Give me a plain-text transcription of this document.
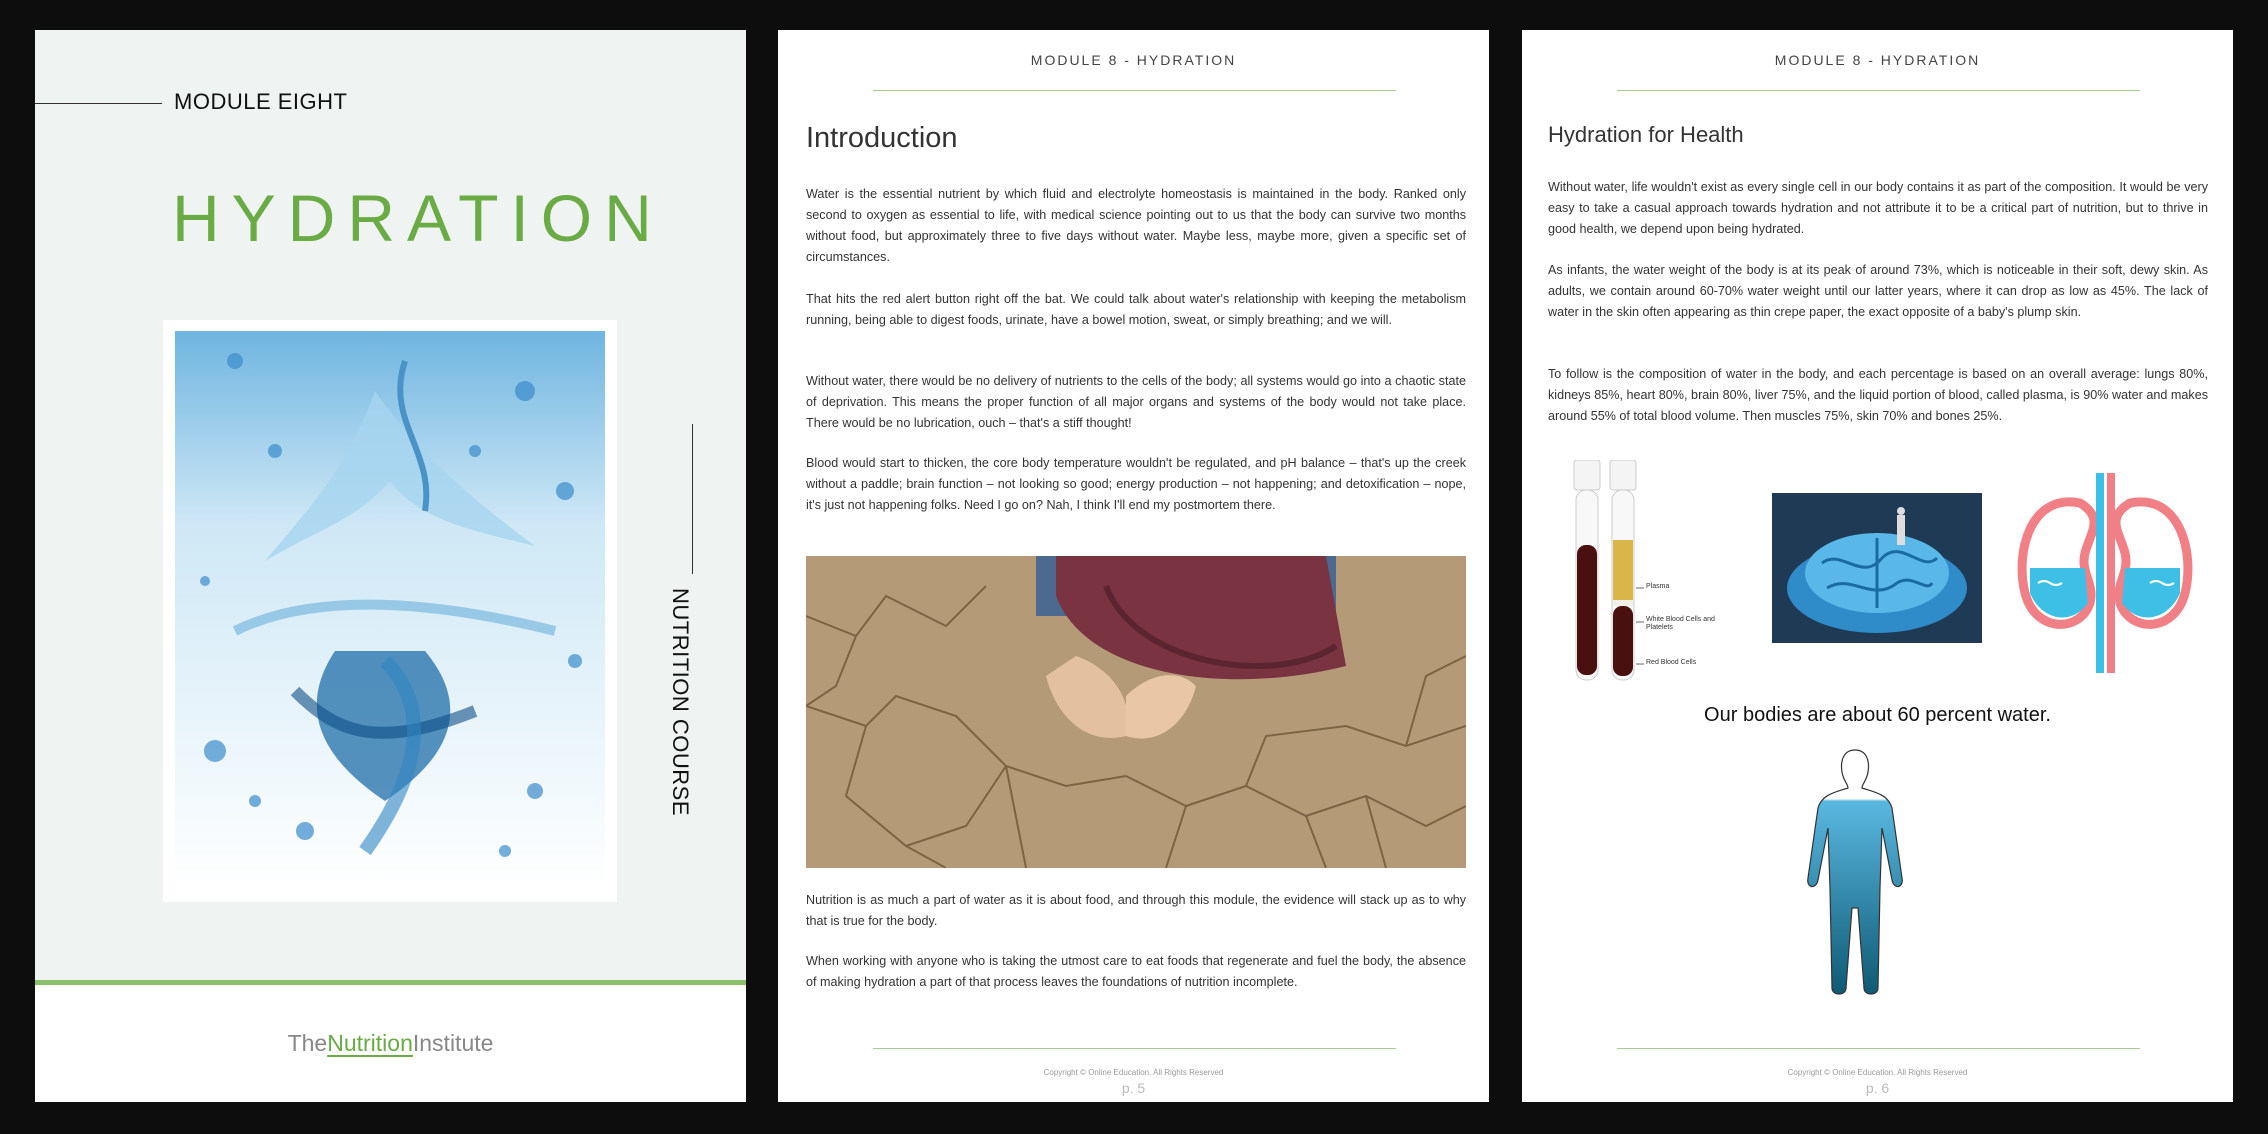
MODULE EIGHT
HYDRATION
NUTRITION COURSE
TheNutritionInstitute
MODULE 8 - HYDRATION
Introduction

Water is the essential nutrient by which fluid and electrolyte homeostasis is maintained in the body. Ranked only second to oxygen as essential to life, with medical science pointing out to us that the body can survive two months without food, but approximately three to five days without water. Maybe less, maybe more, given a specific set of circumstances.

That hits the red alert button right off the bat. We could talk about water's relationship with keeping the metabolism running, being able to digest foods, urinate, have a bowel motion, sweat, or simply breathing; and we will.

Without water, there would be no delivery of nutrients to the cells of the body; all systems would go into a chaotic state of deprivation. This means the proper function of all major organs and systems of the body would not take place. There would be no lubrication, ouch – that's a stiff thought!

Blood would start to thicken, the core body temperature wouldn't be regulated, and pH balance – that's up the creek without a paddle; brain function – not looking so good; energy production – not happening; and detoxification – nope, it's just not happening folks. Need I go on? Nah, I think I'll end my postmortem there.

Nutrition is as much a part of water as it is about food, and through this module, the evidence will stack up as to why that is true for the body.

When working with anyone who is taking the utmost care to eat foods that regenerate and fuel the body, the absence of making hydration a part of that process leaves the foundations of nutrition incomplete.

Copyright © Online Education. All Rights Reserved
p. 5
MODULE 8 - HYDRATION
Hydration for Health

Without water, life wouldn't exist as every single cell in our body contains it as part of the composition. It would be very easy to take a casual approach towards hydration and not attribute it to be a critical part of nutrition, but to thrive in good health, we depend upon being hydrated.

As infants, the water weight of the body is at its peak of around 73%, which is noticeable in their soft, dewy skin. As adults, we contain around 60-70% water weight until our latter years, where it can drop as low as 45%. The lack of water in the skin often appearing as thin crepe paper, the exact opposite of a baby's plump skin.

To follow is the composition of water in the body, and each percentage is based on an overall average: lungs 80%, kidneys 85%, heart 80%, brain 80%, liver 75%, and the liquid portion of blood, called plasma, is 90% water and makes around 55% of total blood volume. Then muscles 75%, skin 70% and bones 25%.

Plasma
White Blood Cells and Platelets
Red Blood Cells
Our bodies are about 60 percent water.
Copyright © Online Education. All Rights Reserved
p. 6
